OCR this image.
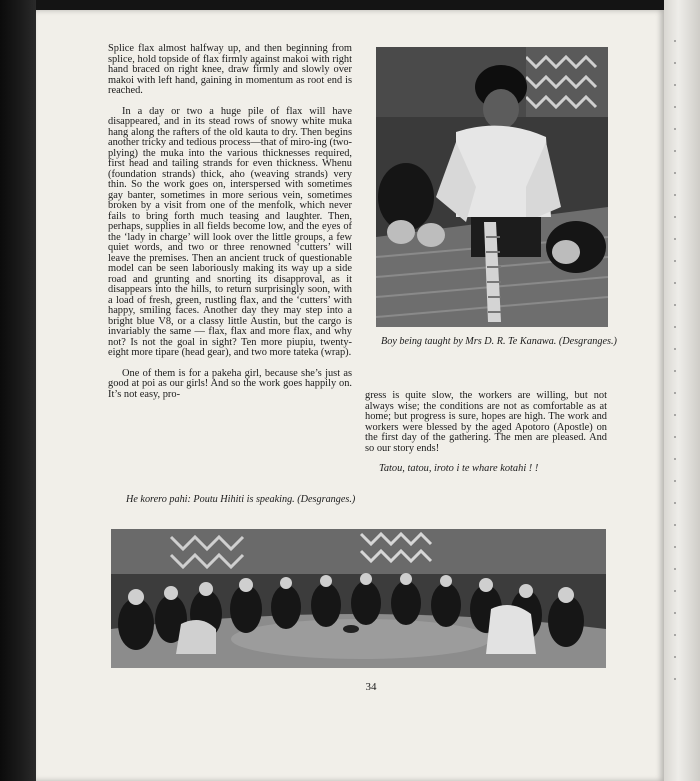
Splice flax almost halfway up, and then beginning from splice, hold topside of flax firmly against makoi with right hand braced on right knee, draw firmly and slowly over makoi with left hand, gaining in momentum as root end is reached.

In a day or two a huge pile of flax will have disappeared, and in its stead rows of snowy white muka hang along the rafters of the old kauta to dry. Then begins another tricky and tedious process—that of miro-ing (two-plying) the muka into the various thicknesses required, first head and tailing strands for even thickness. Whenu (foundation strands) thick, aho (weaving strands) very thin. So the work goes on, interspersed with sometimes gay banter, sometimes in more serious vein, sometimes broken by a visit from one of the menfolk, which never fails to bring forth much teasing and laughter. Then, perhaps, supplies in all fields become low, and the eyes of the ‘lady in charge’ will look over the little groups, a few quiet words, and two or three renowned ‘cutters’ will leave the premises. Then an ancient truck of questionable model can be seen laboriously making its way up a side road and grunting and snorting its disapproval, as it disappears into the hills, to return surprisingly soon, with a load of fresh, green, rustling flax, and the ‘cutters’ with happy, smiling faces. Another day they may step into a bright blue V8, or a classy little Austin, but the cargo is invariably the same — flax, flax and more flax, and why not? Is not the goal in sight? Ten more piupiu, twenty-eight more tipare (head gear), and two more tateka (wrap).

One of them is for a pakeha girl, because she’s just as good at poi as our girls! And so the work goes happily on. It’s not easy, pro-

Boy being taught by Mrs D. R. Te Kanawa. (Desgranges.)

gress is quite slow, the workers are willing, but not always wise; the conditions are not as comfortable as at home; but progress is sure, hopes are high. The work and workers were blessed by the aged Apotoro (Apostle) on the first day of the gathering. The men are pleased. And so our story ends!

Tatou, tatou, iroto i te whare kotahi ! !

He korero pahi: Poutu Hihiti is speaking. (Desgranges.)
34
